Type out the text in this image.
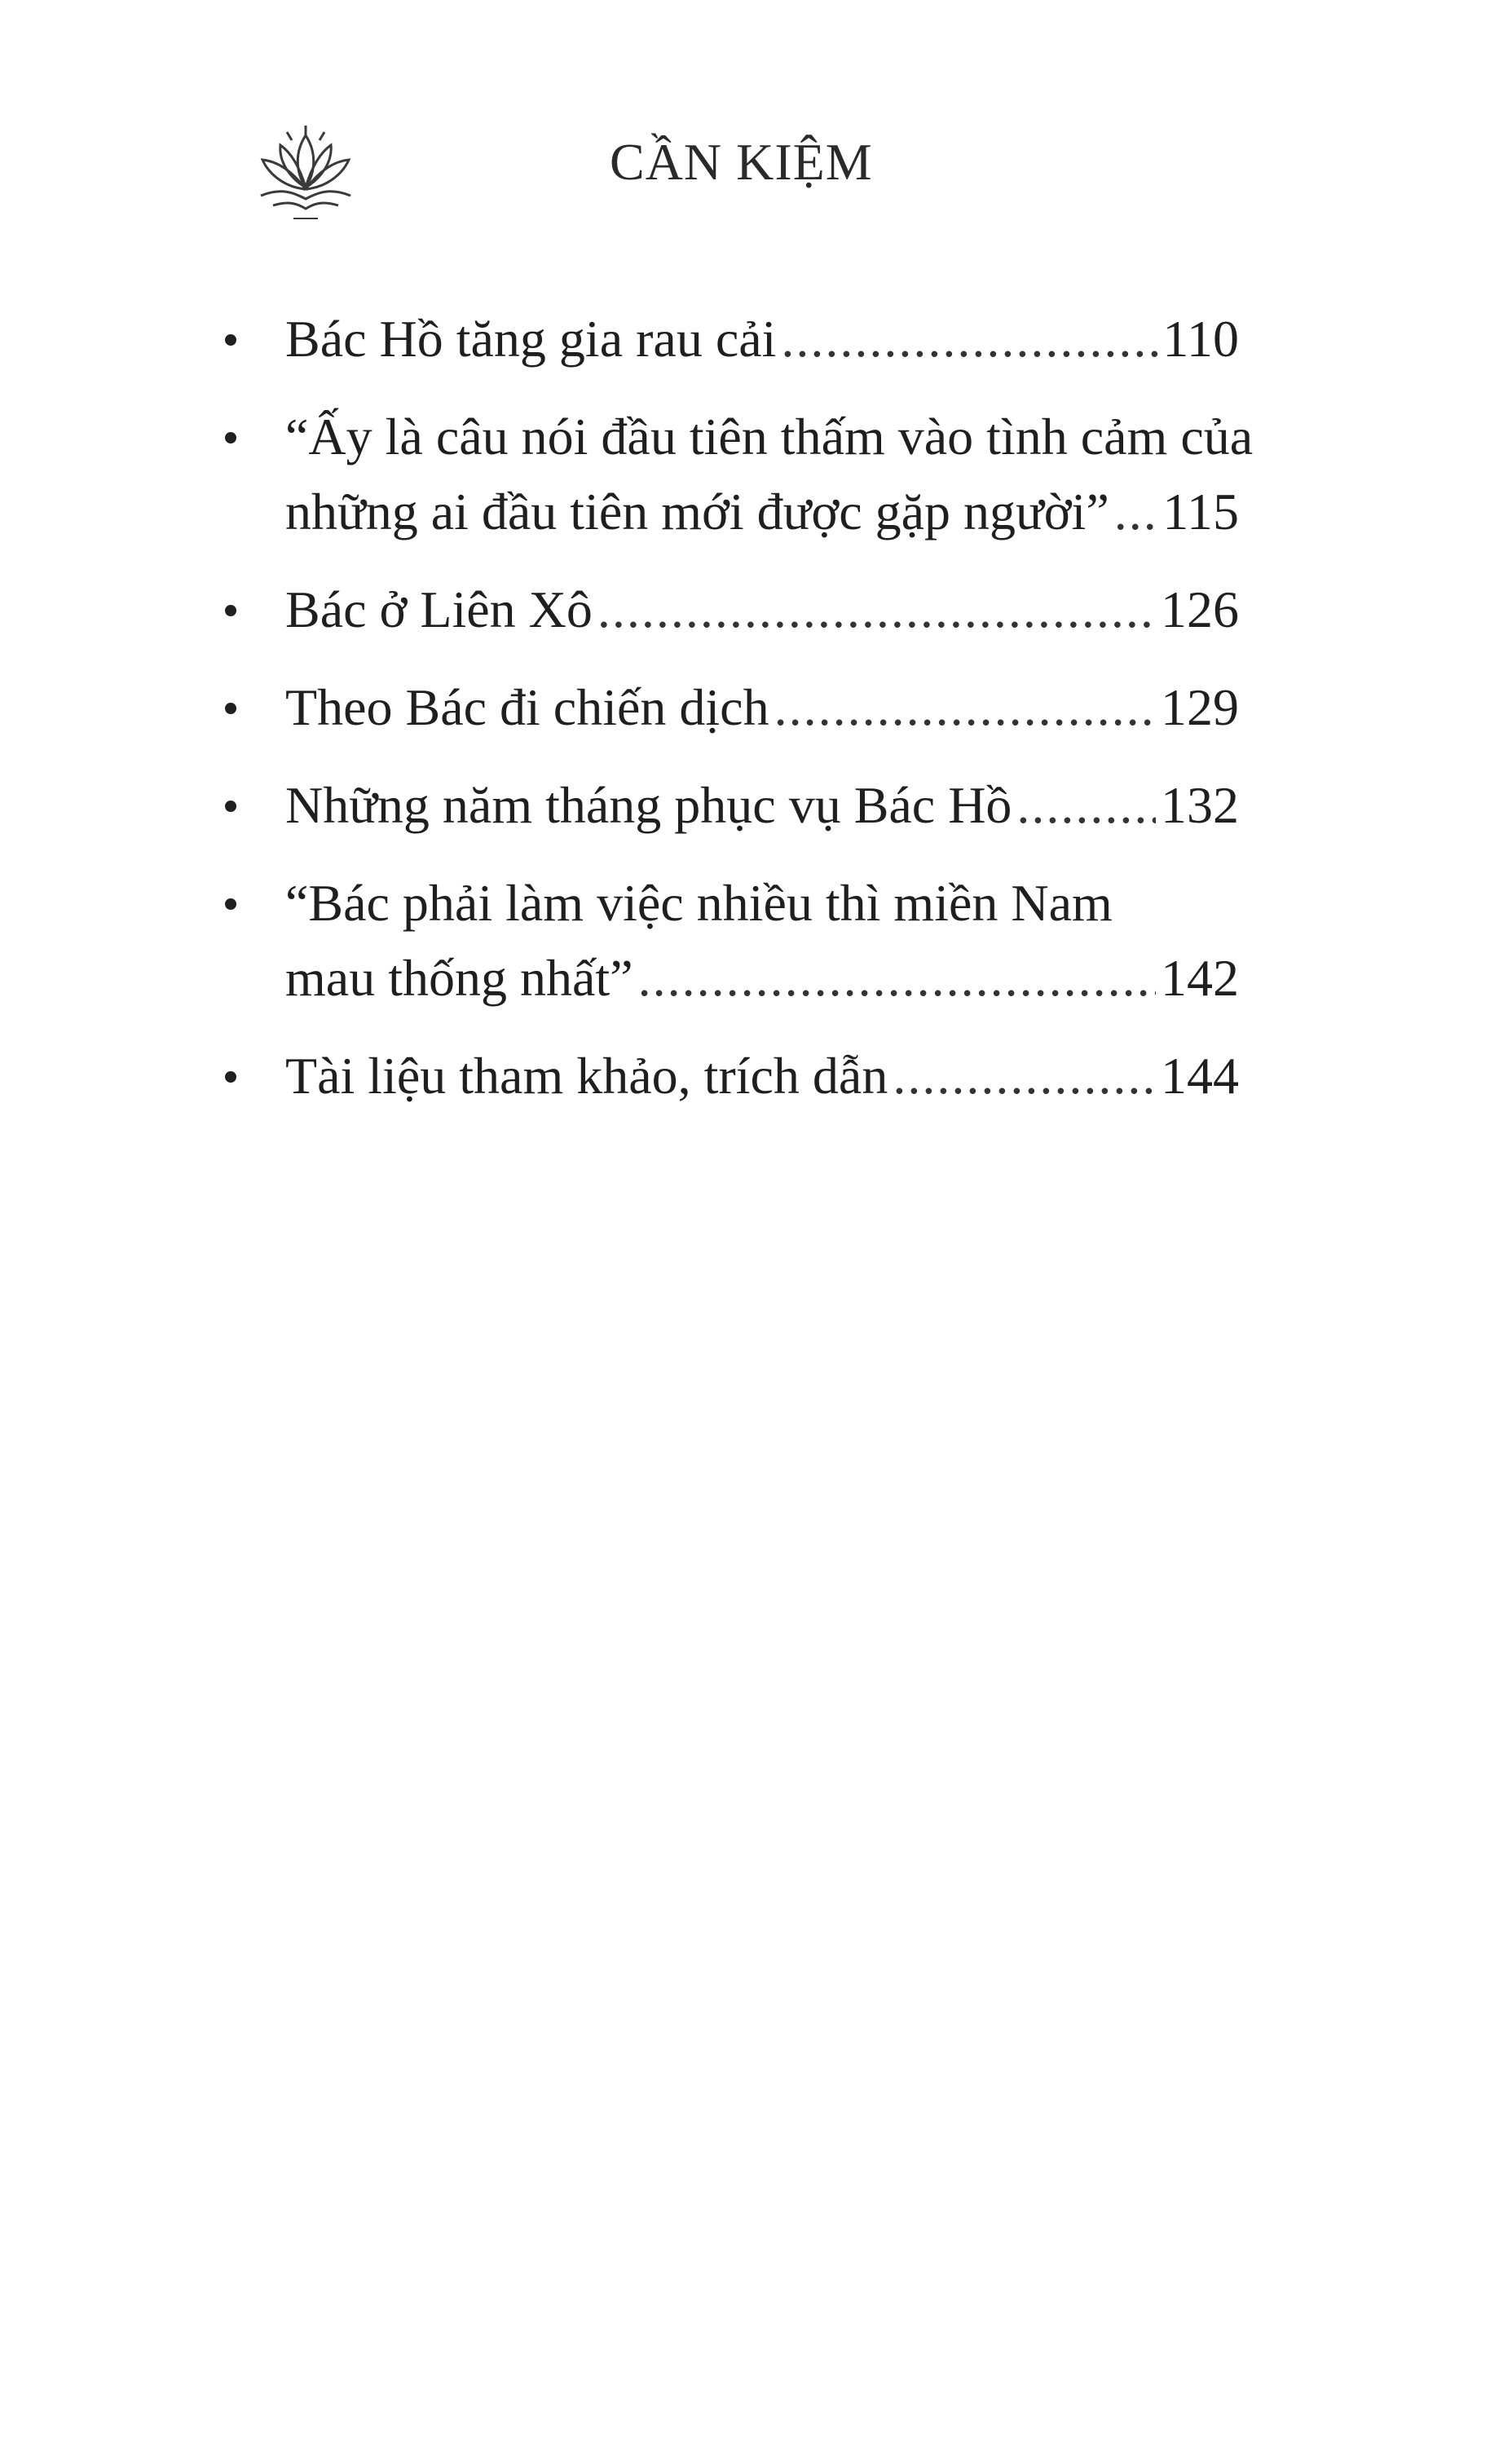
CẦN KIỆM
Bác Hồ tăng gia rau cải .....	110
“Ấy là câu nói đầu tiên thấm vào tình cảm của
những ai đầu tiên mới được gặp người” ..... 115
Bác ở Liên Xô .....	126
Theo Bác đi chiến dịch .....	129
Những năm tháng phục vụ Bác Hồ .....	132
“Bác phải làm việc nhiều thì miền Nam
mau thống nhất” .....	142
Tài liệu tham khảo, trích dẫn .....	144
